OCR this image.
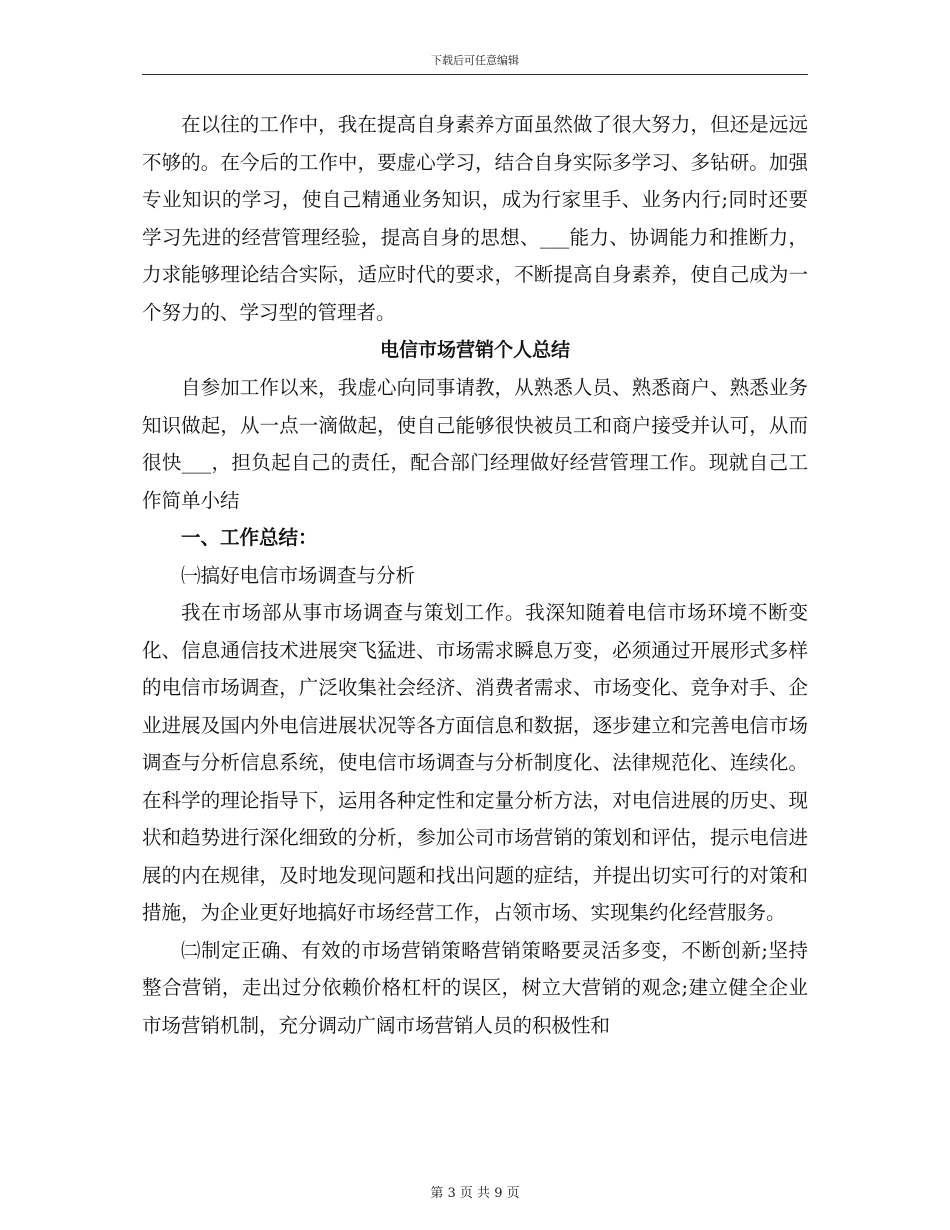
下载后可任意编辑

在以往的工作中，我在提高自身素养方面虽然做了很大努力，但还是远远不够的。在今后的工作中，要虚心学习，结合自身实际多学习、多钻研。加强专业知识的学习，使自己精通业务知识，成为行家里手、业务内行;同时还要学习先进的经营管理经验，提高自身的思想、___能力、协调能力和推断力，力求能够理论结合实际，适应时代的要求，不断提高自身素养，使自己成为一个努力的、学习型的管理者。

电信市场营销个人总结

自参加工作以来，我虚心向同事请教，从熟悉人员、熟悉商户、熟悉业务知识做起，从一点一滴做起，使自己能够很快被员工和商户接受并认可，从而很快___，担负起自己的责任，配合部门经理做好经营管理工作。现就自己工作简单小结

一、工作总结：

㈠搞好电信市场调查与分析

我在市场部从事市场调查与策划工作。我深知随着电信市场环境不断变化、信息通信技术进展突飞猛进、市场需求瞬息万变，必须通过开展形式多样的电信市场调查，广泛收集社会经济、消费者需求、市场变化、竞争对手、企业进展及国内外电信进展状况等各方面信息和数据，逐步建立和完善电信市场调查与分析信息系统，使电信市场调查与分析制度化、法律规范化、连续化。在科学的理论指导下，运用各种定性和定量分析方法，对电信进展的历史、现状和趋势进行深化细致的分析，参加公司市场营销的策划和评估，提示电信进展的内在规律，及时地发现问题和找出问题的症结，并提出切实可行的对策和措施，为企业更好地搞好市场经营工作，占领市场、实现集约化经营服务。

㈡制定正确、有效的市场营销策略营销策略要灵活多变，不断创新;坚持整合营销，走出过分依赖价格杠杆的误区，树立大营销的观念;建立健全企业市场营销机制，充分调动广阔市场营销人员的积极性和

第 3 页 共 9 页
